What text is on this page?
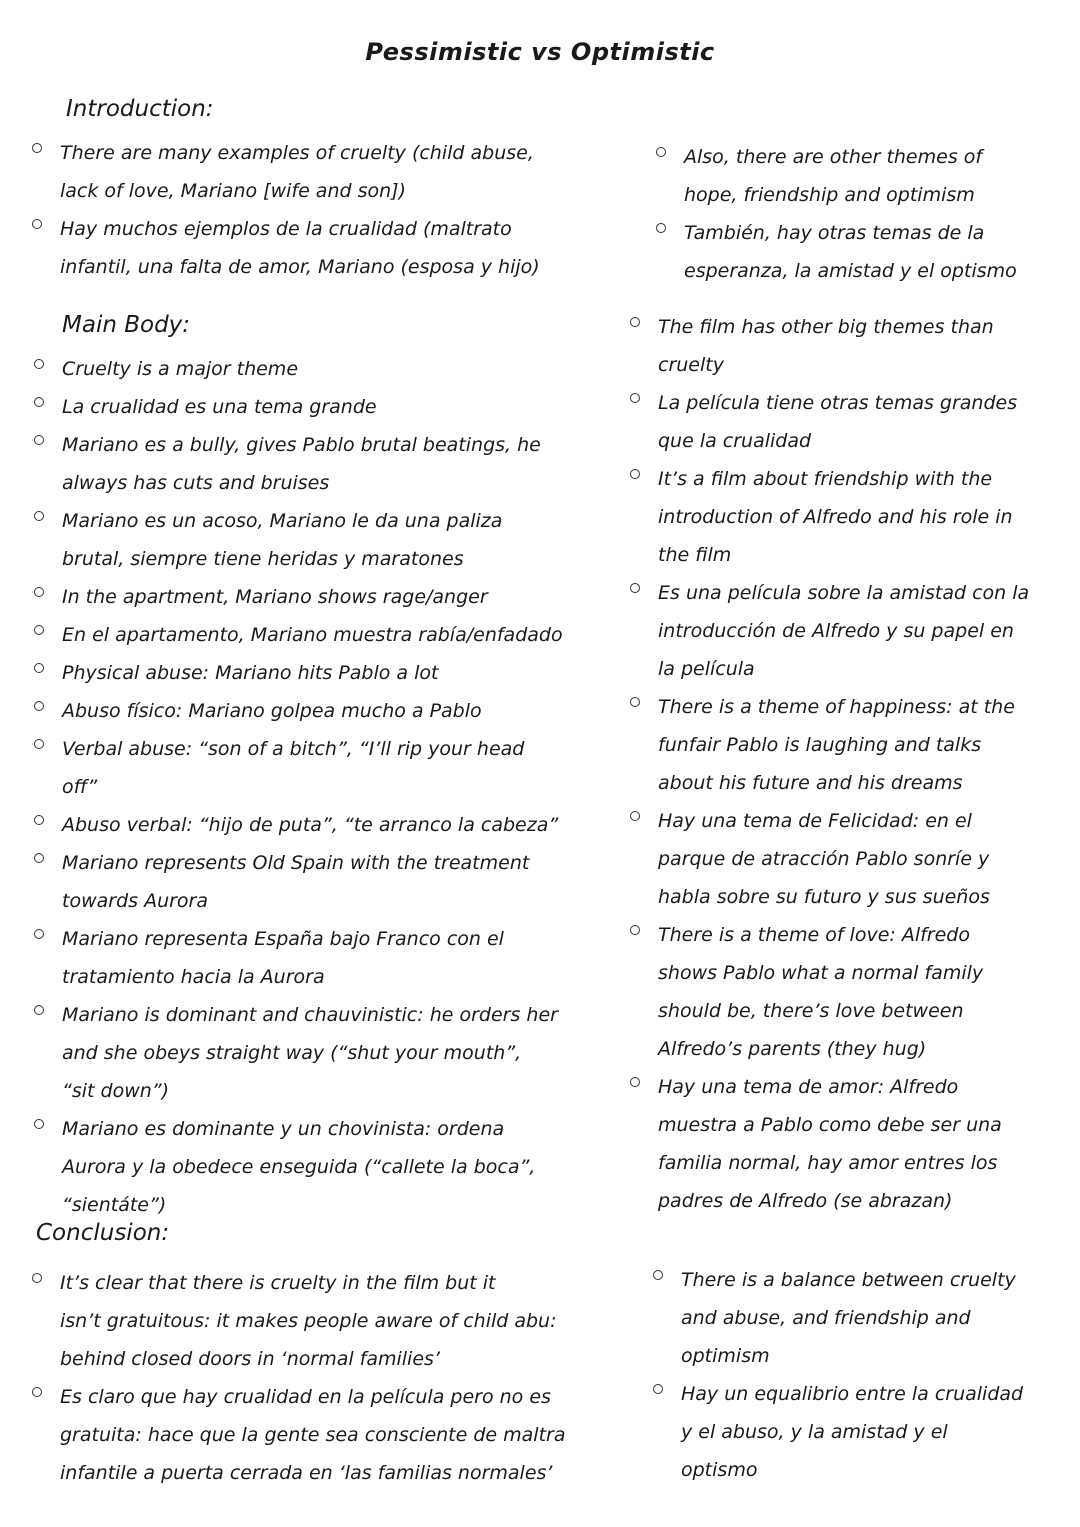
Pessimistic vs Optimistic
Introduction:
Main Body:
Conclusion:
There are many examples of cruelty (child abuse,
lack of love, Mariano [wife and son])
Hay muchos ejemplos de la crualidad (maltrato
infantil, una falta de amor, Mariano (esposa y hijo)
Also, there are other themes of
hope, friendship and optimism
También, hay otras temas de la
esperanza, la amistad y el optismo
Cruelty is a major theme
La crualidad es una tema grande
Mariano es a bully, gives Pablo brutal beatings, he
always has cuts and bruises
Mariano es un acoso, Mariano le da una paliza
brutal, siempre tiene heridas y maratones
In the apartment, Mariano shows rage/anger
En el apartamento, Mariano muestra rabía/enfadado
Physical abuse: Mariano hits Pablo a lot
Abuso físico: Mariano golpea mucho a Pablo
Verbal abuse: “son of a bitch”, “I’ll rip your head
off”
Abuso verbal: “hijo de puta”, “te arranco la cabeza”
Mariano represents Old Spain with the treatment
towards Aurora
Mariano representa España bajo Franco con el
tratamiento hacia la Aurora
Mariano is dominant and chauvinistic: he orders her
and she obeys straight way (“shut your mouth”,
“sit down”)
Mariano es dominante y un chovinista: ordena
Aurora y la obedece enseguida (“callete la boca”,
“sientáte”)
The film has other big themes than
cruelty
La película tiene otras temas grandes
que la crualidad
It’s a film about friendship with the
introduction of Alfredo and his role in
the film
Es una película sobre la amistad con la
introducción de Alfredo y su papel en
la película
There is a theme of happiness: at the
funfair Pablo is laughing and talks
about his future and his dreams
Hay una tema de Felicidad: en el
parque de atracción Pablo sonríe y
habla sobre su futuro y sus sueños
There is a theme of love: Alfredo
shows Pablo what a normal family
should be, there’s love between
Alfredo’s parents (they hug)
Hay una tema de amor: Alfredo
muestra a Pablo como debe ser una
familia normal, hay amor entres los
padres de Alfredo (se abrazan)
It’s clear that there is cruelty in the film but it
isn’t gratuitous: it makes people aware of child abu:
behind closed doors in ‘normal families’
Es claro que hay crualidad en la película pero no es
gratuita: hace que la gente sea consciente de maltra
infantile a puerta cerrada en ‘las familias normales’
There is a balance between cruelty
and abuse, and friendship and
optimism
Hay un equalibrio entre la crualidad
y el abuso, y la amistad y el
optismo
